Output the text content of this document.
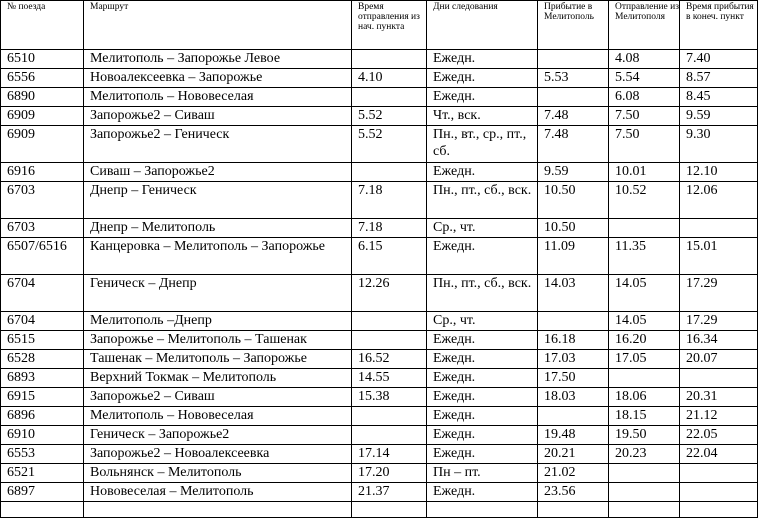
№ поезда	Маршрут	Время отправления из нач. пункта	Дни следования	Прибытие в Мелитополь	Отправление из Мелитополя	Время прибытия в конеч. пункт
6510	Мелитополь – Запорожье Левое		Ежедн.		4.08	7.40
6556	Новоалексеевка – Запорожье	4.10	Ежедн.	5.53	5.54	8.57
6890	Мелитополь – Нововеселая		Ежедн.		6.08	8.45
6909	Запорожье2 – Сиваш	5.52	Чт., вск.	7.48	7.50	9.59
6909	Запорожье2 – Геническ	5.52	Пн., вт., ср., пт., сб.	7.48	7.50	9.30
6916	Сиваш – Запорожье2		Ежедн.	9.59	10.01	12.10
6703	Днепр – Геническ	7.18	Пн., пт., сб., вск.	10.50	10.52	12.06
6703	Днепр – Мелитополь	7.18	Ср., чт.	10.50		
6507/6516	Канцеровка – Мелитополь – Запорожье	6.15	Ежедн.	11.09	11.35	15.01
6704	Геническ – Днепр	12.26	Пн., пт., сб., вск.	14.03	14.05	17.29
6704	Мелитополь –Днепр		Ср., чт.		14.05	17.29
6515	Запорожье – Мелитополь – Ташенак		Ежедн.	16.18	16.20	16.34
6528	Ташенак – Мелитополь – Запорожье	16.52	Ежедн.	17.03	17.05	20.07
6893	Верхний Токмак – Мелитополь	14.55	Ежедн.	17.50		
6915	Запорожье2 – Сиваш	15.38	Ежедн.	18.03	18.06	20.31
6896	Мелитополь – Нововеселая		Ежедн.		18.15	21.12
6910	Геническ – Запорожье2		Ежедн.	19.48	19.50	22.05
6553	Запорожье2 – Новоалексеевка	17.14	Ежедн.	20.21	20.23	22.04
6521	Вольнянск – Мелитополь	17.20	Пн – пт.	21.02		
6897	Нововеселая – Мелитополь	21.37	Ежедн.	23.56		
